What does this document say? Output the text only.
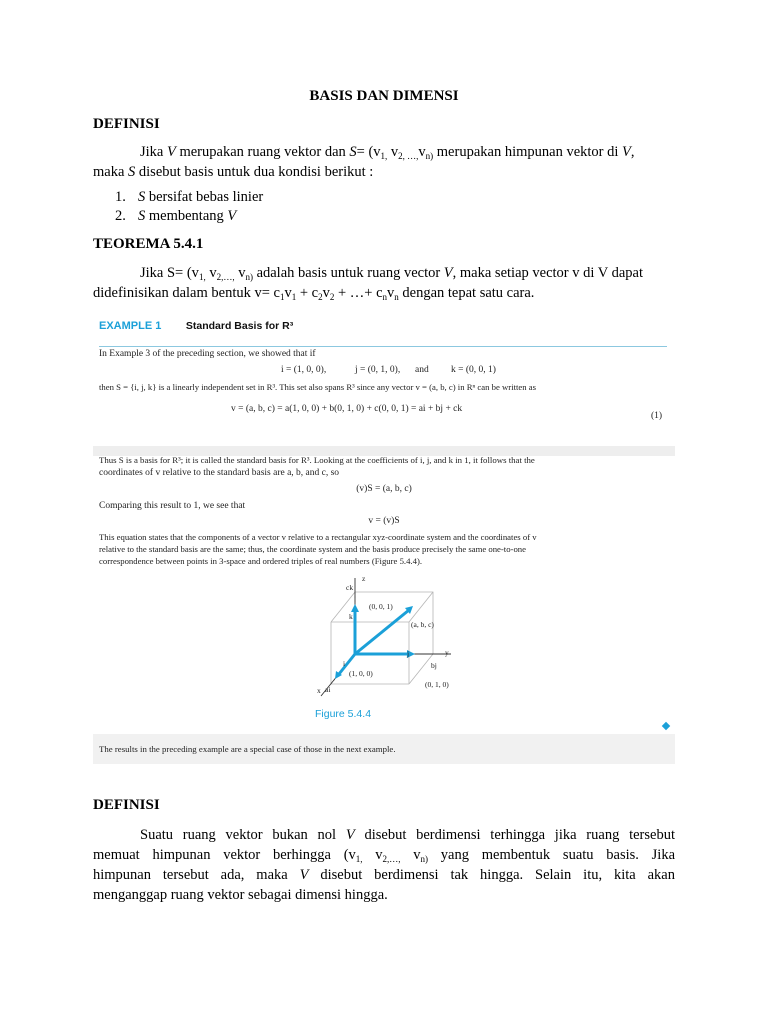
BASIS DAN DIMENSI
DEFINISI
Jika V merupakan ruang vektor dan $S= (v_{1,}$ $v_{2, \dots,}v_{n)}$ merupakan himpunan vektor di V,
maka S disebut basis untuk dua kondisi berikut :
1. S bersifat bebas linier
2. S membentang V
TEOREMA 5.4.1
Jika $S= (v_{1,}$ $v_{2,\dots,}$ $v_{n)}$ adalah basis untuk ruang vector V, maka setiap vector v di V dapat
didefinisikan dalam bentuk $v= c_1v_1 + c_2v_2$ + …+ $c_nv_n$ dengan tepat satu cara.
EXAMPLE 1 Standard Basis for R³
In Example 3 of the preceding section, we showed that if
i = (1, 0, 0),	j = (0, 1, 0), and k = (0, 0, 1)
then S = {i, j, k} is a linearly independent set in R³. This set also spans R³ since any vector v = (a, b, c) in Rⁿ can be written as
v = (a, b, c) = a(1, 0, 0) + b(0, 1, 0) + c(0, 0, 1) = ai + bj + ck
(1)
Thus S is a basis for R³; it is called the standard basis for R³. Looking at the coefficients of i, j, and k in 1, it follows that the
coordinates of v relative to the standard basis are a, b, and c, so
(v)S = (a, b, c)
Comparing this result to 1, we see that
v = (v)S
This equation states that the components of a vector v relative to a rectangular xyz-coordinate system and the coordinates of v
relative to the standard basis are the same; thus, the coordinate system and the basis produce precisely the same one-to-one
correspondence between points in 3-space and ordered triples of real numbers (Figure 5.4.4).
z
ck
(0, 0, 1)
k
(a, b, c)
j	y
bj
i
(1, 0, 0)
x ai
(0, 1, 0)
Figure 5.4.4
The results in the preceding example are a special case of those in the next example.
DEFINISI
Suatu ruang vektor bukan nol V disebut berdimensi terhingga jika ruang tersebut
memuat himpunan vektor berhingga ($v_{1,}$ $v_{2,\dots,}$ $v_{n)}$ yang membentuk suatu basis. Jika
himpunan tersebut ada, maka V disebut berdimensi tak hingga. Selain itu, kita akan
menganggap ruang vektor sebagai dimensi hingga.
